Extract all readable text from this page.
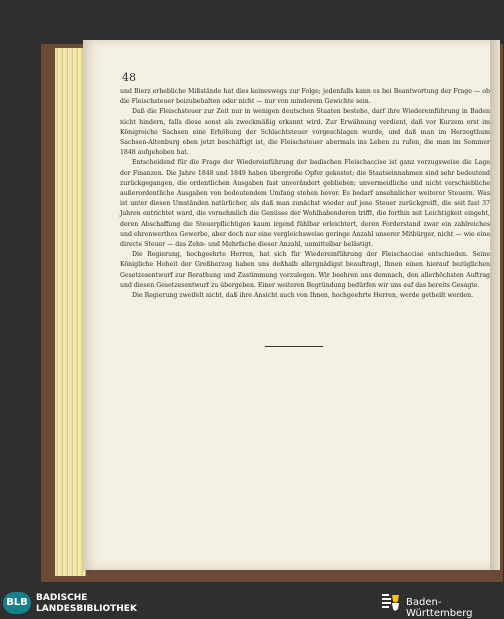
48

und Bierz erhebliche Mißstände hat dies keineswegs zur Folge; jedenfalls kann es bei Beantwortung der Frage — ob die Fleischsteuer beizubehalten oder nicht — nur von minderem Gewichte sein.

Daß die Fleischsteuer zur Zeit nur in wenigen deutschen Staaten bestehe, darf ihre Wiedereinführung in Baden nicht hindern, falls diese sonst als zweckmäßig erkannt wird. Zur Erwähnung verdient, daß vor Kurzem erst im Königreiche Sachsen eine Erhöhung der Schlachtsteuer vorgeschlagen wurde, und daß man im Herzogthum Sachsen-Altenburg eben jetzt beschäftigt ist, die Fleischsteuer abermals ins Leben zu rufen, die man im Sommer 1848 aufgehoben hat.

Entscheidend für die Frage der Wiedereinführung der badischen Fleischaccise ist ganz vorzugsweise die Lage der Finanzen. Die Jahre 1848 und 1849 haben übergroße Opfer gekostet; die Staatseinnahmen sind sehr bedeutend zurückgegangen, die ordentlichen Ausgaben fast unverändert geblieben; unvermeidliche und nicht verschiebliche außerordentliche Ausgaben von bedeutendem Umfang stehen bevor. Es bedarf ansehnlicher weiterer Steuern. Was ist unter diesen Umständen natürlicher, als daß man zunächst wieder auf jene Steuer zurückgreift, die seit fast 37 Jahren entrichtet ward, die vornehmlich die Genüsse der Wohlhabenderen trifft, die forthin mit Leichtigkeit eingeht, deren Abschaffung die Steuerpflichtigen kaum irgend fühlbar erleichtert, deren Forderstand zwar ein zahlreiches und ehrenwerthes Gewerbe, aber doch nur eine vergleichsweise geringe Anzahl unserer Mitbürger, nicht — wie eine directe Steuer — das Zehn- und Mehrfache dieser Anzahl, unmittelbar belästigt.

Die Regierung, hochgeehrte Herren, hat sich für Wiedereinführung der Fleischaccise entschieden. Seine Königliche Hoheit der Großherzog haben uns deßhalb allergnädigst beauftragt, Ihnen einen hierauf bezüglichen Gesetzesentwurf zur Berathung und Zustimmung vorzulegen. Wir beehren uns demnach, den allerhöchsten Auftrag und diesen Gesetzesentwurf zu übergeben. Einer weiteren Begründung bedürfen wir uns auf das bereits Gesagte.

Die Regierung zweifelt nicht, daß ihre Ansicht auch von Ihnen, hochgeehrte Herren, werde getheilt werden.

BLB BADISCHE
LANDESBIBLIOTHEK
Baden-Württemberg
